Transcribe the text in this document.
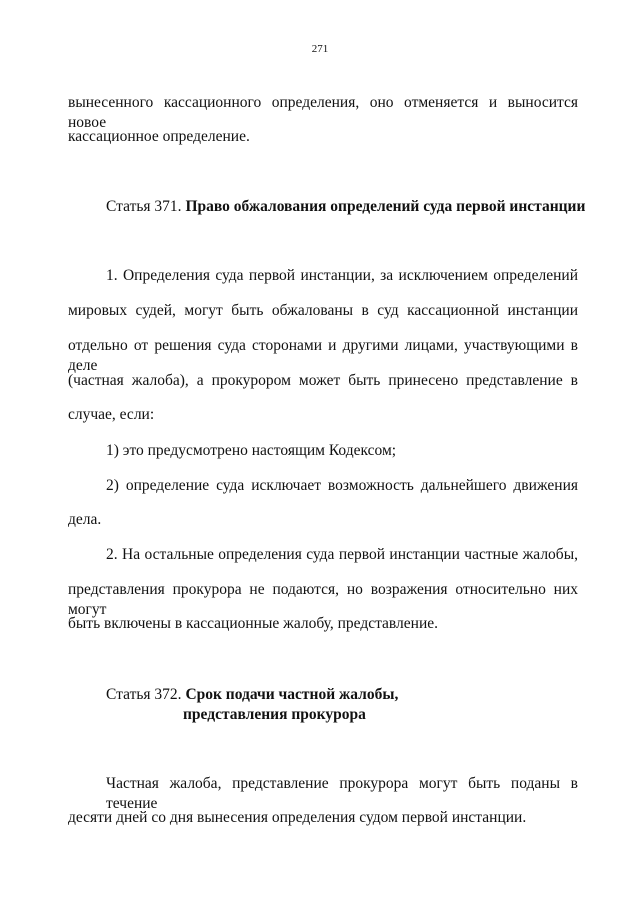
271
вынесенного кассационного определения, оно отменяется и выносится новое
кассационное определение.
Статья 371. Право обжалования определений суда первой инстанции
1. Определения суда первой инстанции, за исключением определений
мировых судей, могут быть обжалованы в суд кассационной инстанции
отдельно от решения суда сторонами и другими лицами, участвующими в деле
(частная жалоба), а прокурором может быть принесено представление в
случае, если:
1) это предусмотрено настоящим Кодексом;
2) определение суда исключает возможность дальнейшего движения
дела.
2. На остальные определения суда первой инстанции частные жалобы,
представления прокурора не подаются, но возражения относительно них могут
быть включены в кассационные жалобу, представление.
Статья 372. Срок подачи частной жалобы,
представления прокурора
Частная жалоба, представление прокурора могут быть поданы в течение
десяти дней со дня вынесения определения судом первой инстанции.
